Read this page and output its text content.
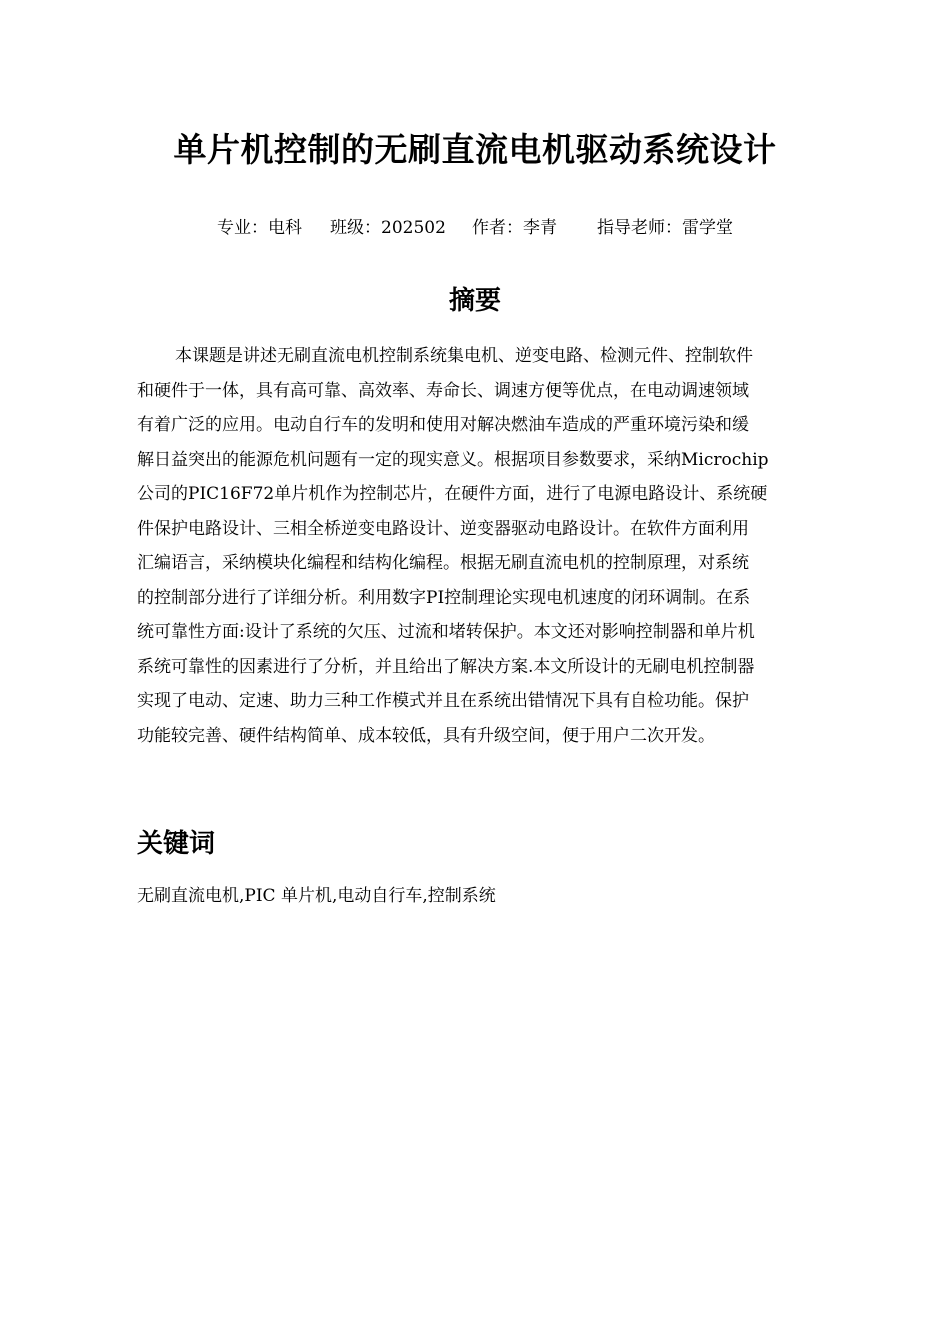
单片机控制的无刷直流电机驱动系统设计
专业：电科 班级：202502 作者：李青 指导老师：雷学堂
摘要
本课题是讲述无刷直流电机控制系统集电机、逆变电路、检测元件、控制软件
和硬件于一体，具有高可靠、高效率、寿命长、调速方便等优点，在电动调速领域
有着广泛的应用。电动自行车的发明和使用对解决燃油车造成的严重环境污染和缓
解日益突出的能源危机问题有一定的现实意义。根据项目参数要求，采纳Microchip
公司的PIC16F72单片机作为控制芯片，在硬件方面，进行了电源电路设计、系统硬
件保护电路设计、三相全桥逆变电路设计、逆变器驱动电路设计。在软件方面利用
汇编语言，采纳模块化编程和结构化编程。根据无刷直流电机的控制原理，对系统
的控制部分进行了详细分析。利用数字PI控制理论实现电机速度的闭环调制。在系
统可靠性方面:设计了系统的欠压、过流和堵转保护。本文还对影响控制器和单片机
系统可靠性的因素进行了分析，并且给出了解决方案.本文所设计的无刷电机控制器
实现了电动、定速、助力三种工作模式并且在系统出错情况下具有自检功能。保护
功能较完善、硬件结构简单、成本较低，具有升级空间，便于用户二次开发。
关键词
无刷直流电机,PIC 单片机,电动自行车,控制系统
